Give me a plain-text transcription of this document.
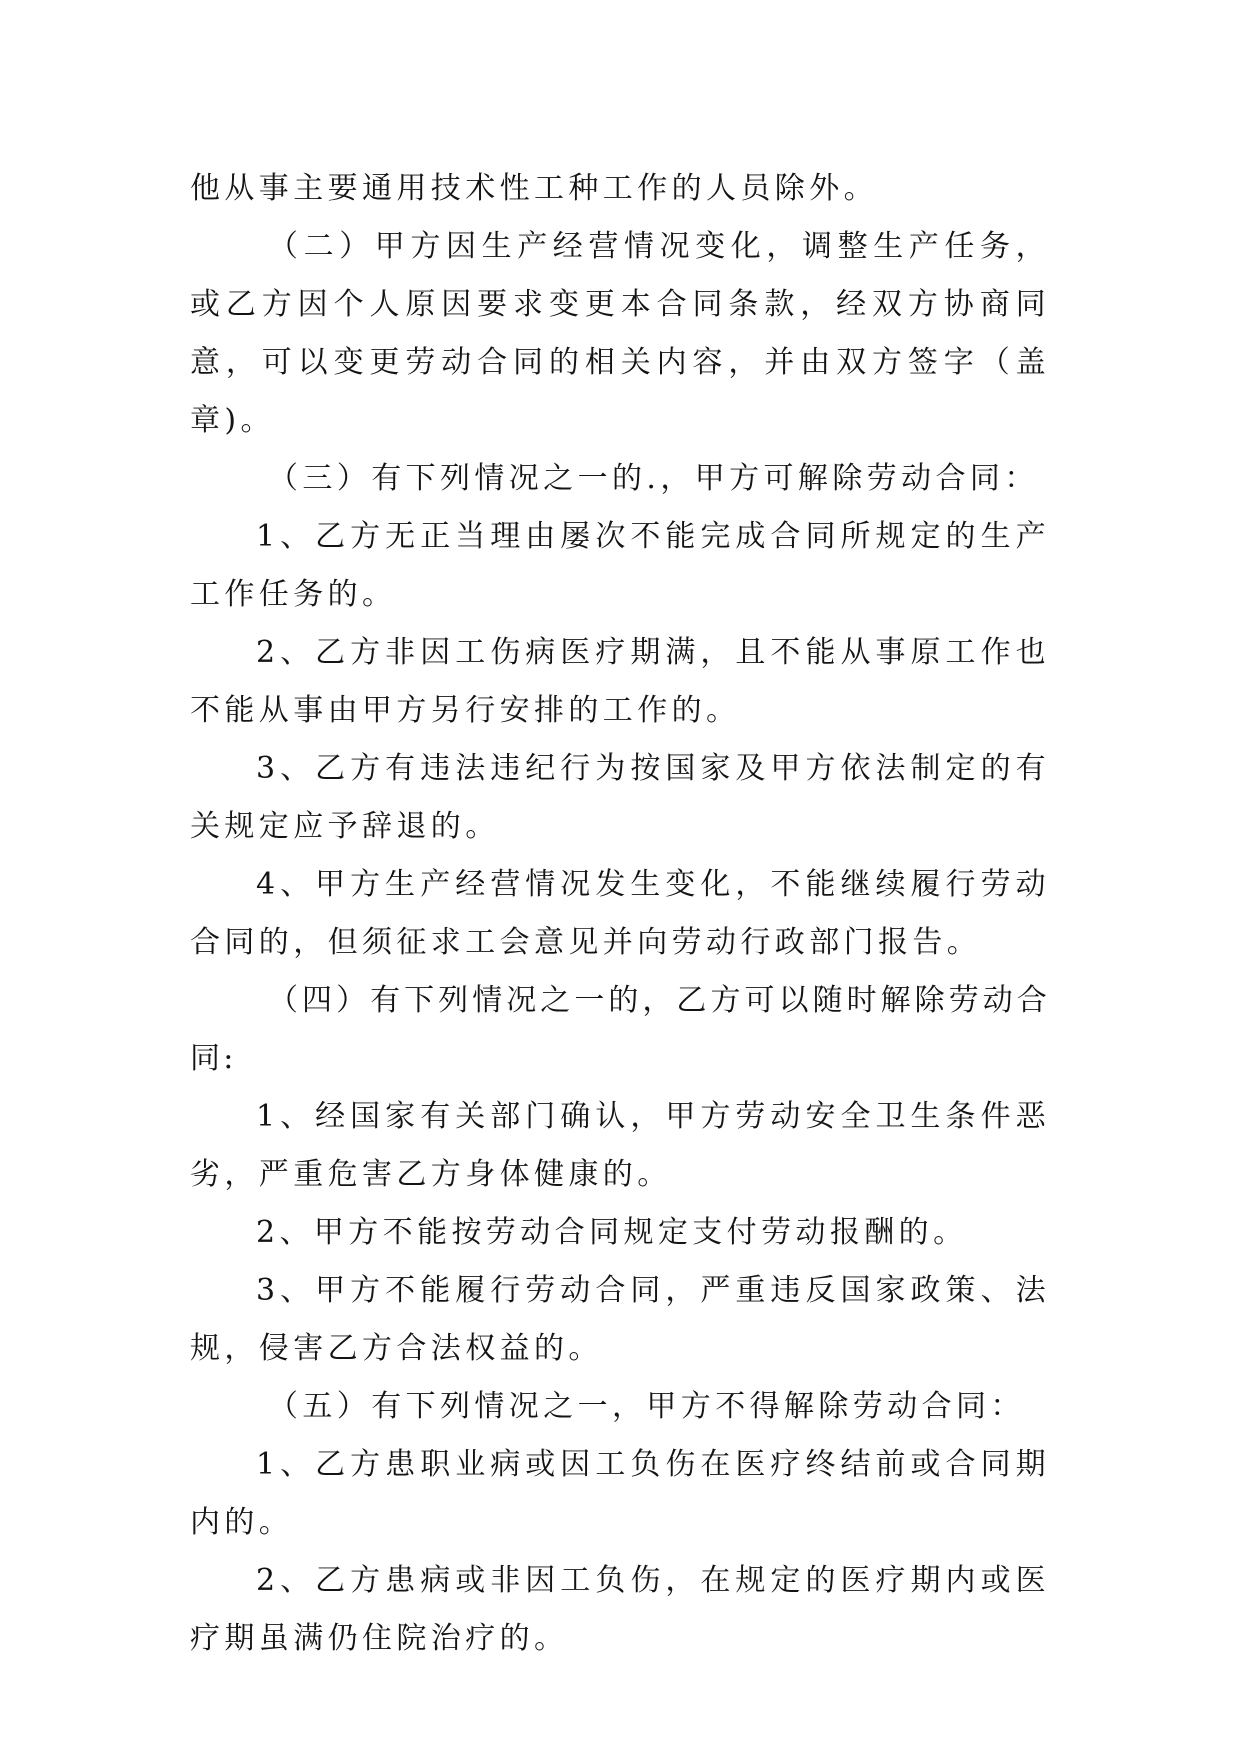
他从事主要通用技术性工种工作的人员除外。

（二）甲方因生产经营情况变化，调整生产任务，或乙方因个人原因要求变更本合同条款，经双方协商同意，可以变更劳动合同的相关内容，并由双方签字（盖章)。

（三）有下列情况之一的.，甲方可解除劳动合同：

1、乙方无正当理由屡次不能完成合同所规定的生产工作任务的。

2、乙方非因工伤病医疗期满，且不能从事原工作也不能从事由甲方另行安排的工作的。

3、乙方有违法违纪行为按国家及甲方依法制定的有关规定应予辞退的。

4、甲方生产经营情况发生变化，不能继续履行劳动合同的，但须征求工会意见并向劳动行政部门报告。

（四）有下列情况之一的，乙方可以随时解除劳动合同:

1、经国家有关部门确认，甲方劳动安全卫生条件恶劣，严重危害乙方身体健康的。

2、甲方不能按劳动合同规定支付劳动报酬的。

3、甲方不能履行劳动合同，严重违反国家政策、法规，侵害乙方合法权益的。

（五）有下列情况之一，甲方不得解除劳动合同：

1、乙方患职业病或因工负伤在医疗终结前或合同期内的。

2、乙方患病或非因工负伤，在规定的医疗期内或医疗期虽满仍住院治疗的。
